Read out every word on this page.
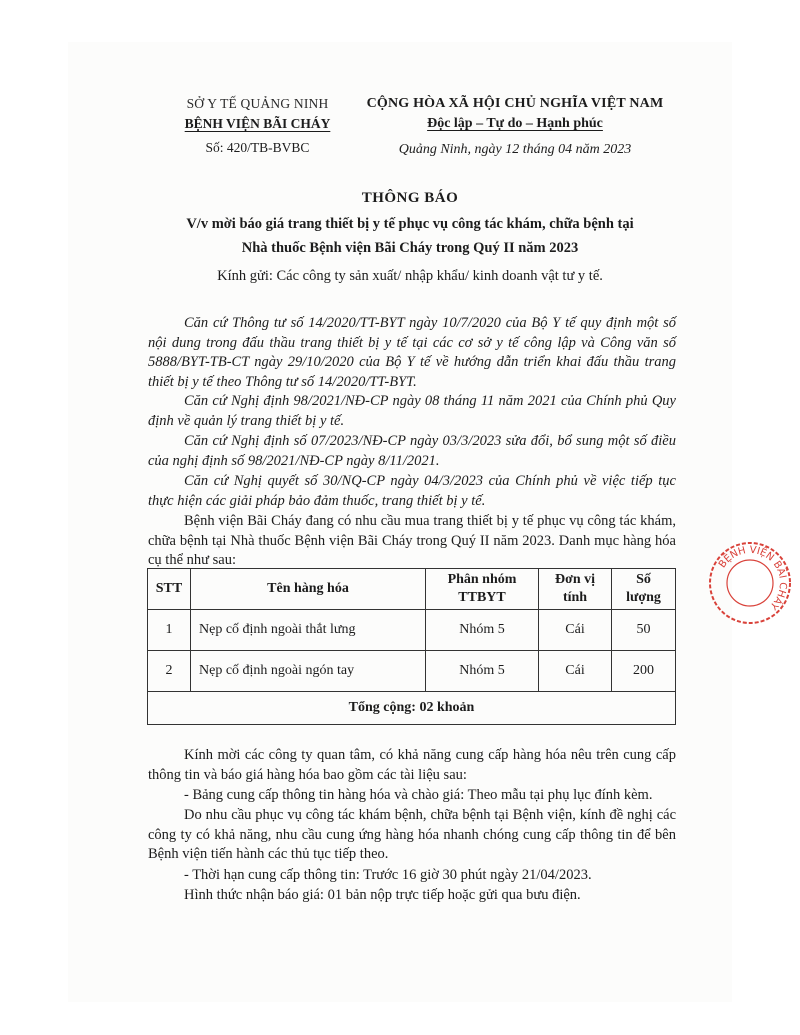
SỞ Y TẾ QUẢNG NINH
BỆNH VIỆN BÃI CHÁY
Số: 420/TB-BVBC
CỘNG HÒA XÃ HỘI CHỦ NGHĨA VIỆT NAM
Độc lập – Tự do – Hạnh phúc
Quảng Ninh, ngày 12 tháng 04 năm 2023
THÔNG BÁO
V/v mời báo giá trang thiết bị y tế phục vụ công tác khám, chữa bệnh tại
Nhà thuốc Bệnh viện Bãi Cháy trong Quý II năm 2023
Kính gửi: Các công ty sản xuất/ nhập khẩu/ kinh doanh vật tư y tế.
Căn cứ Thông tư số 14/2020/TT-BYT ngày 10/7/2020 của Bộ Y tế quy định một số nội dung trong đấu thầu trang thiết bị y tế tại các cơ sở y tế công lập và Công văn số 5888/BYT-TB-CT ngày 29/10/2020 của Bộ Y tế về hướng dẫn triển khai đấu thầu trang thiết bị y tế theo Thông tư số 14/2020/TT-BYT.
Căn cứ Nghị định 98/2021/NĐ-CP ngày 08 tháng 11 năm 2021 của Chính phủ Quy định về quản lý trang thiết bị y tế.
Căn cứ Nghị định số 07/2023/NĐ-CP ngày 03/3/2023 sửa đổi, bổ sung một số điều của nghị định số 98/2021/NĐ-CP ngày 8/11/2021.
Căn cứ Nghị quyết số 30/NQ-CP ngày 04/3/2023 của Chính phủ về việc tiếp tục thực hiện các giải pháp bảo đảm thuốc, trang thiết bị y tế.
Bệnh viện Bãi Cháy đang có nhu cầu mua trang thiết bị y tế phục vụ công tác khám, chữa bệnh tại Nhà thuốc Bệnh viện Bãi Cháy trong Quý II năm 2023. Danh mục hàng hóa cụ thể như sau:
STT	Tên hàng hóa	Phân nhóm TTBYT	Đơn vị tính	Số lượng
1	Nẹp cố định ngoài thắt lưng	Nhóm 5	Cái	50
2	Nẹp cố định ngoài ngón tay	Nhóm 5	Cái	200
Tổng cộng: 02 khoản				
Kính mời các công ty quan tâm, có khả năng cung cấp hàng hóa nêu trên cung cấp thông tin và báo giá hàng hóa bao gồm các tài liệu sau:
- Bảng cung cấp thông tin hàng hóa và chào giá: Theo mẫu tại phụ lục đính kèm.
Do nhu cầu phục vụ công tác khám bệnh, chữa bệnh tại Bệnh viện, kính đề nghị các công ty có khả năng, nhu cầu cung ứng hàng hóa nhanh chóng cung cấp thông tin để bên Bệnh viện tiến hành các thủ tục tiếp theo.
- Thời hạn cung cấp thông tin: Trước 16 giờ 30 phút ngày 21/04/2023.
Hình thức nhận báo giá: 01 bản nộp trực tiếp hoặc gửi qua bưu điện.
BỆNH VIỆN BÃI CHÁY
